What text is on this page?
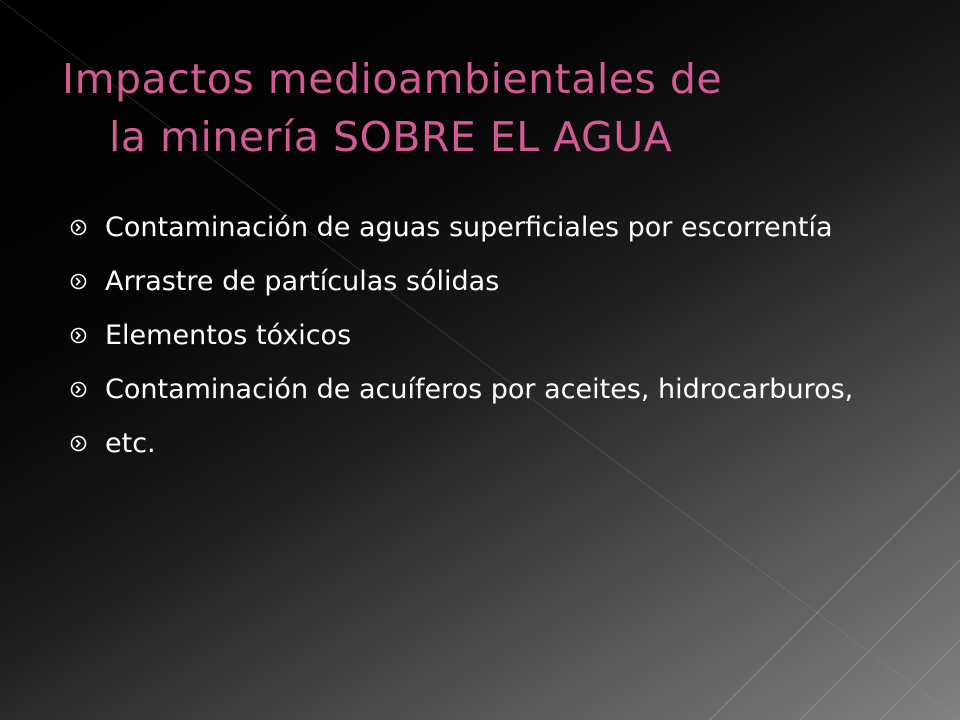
Impactos medioambientales de
la minería SOBRE EL AGUA
Contaminación de aguas superficiales por escorrentía
Arrastre de partículas sólidas
Elementos tóxicos
Contaminación de acuíferos por aceites, hidrocarburos,
etc.
